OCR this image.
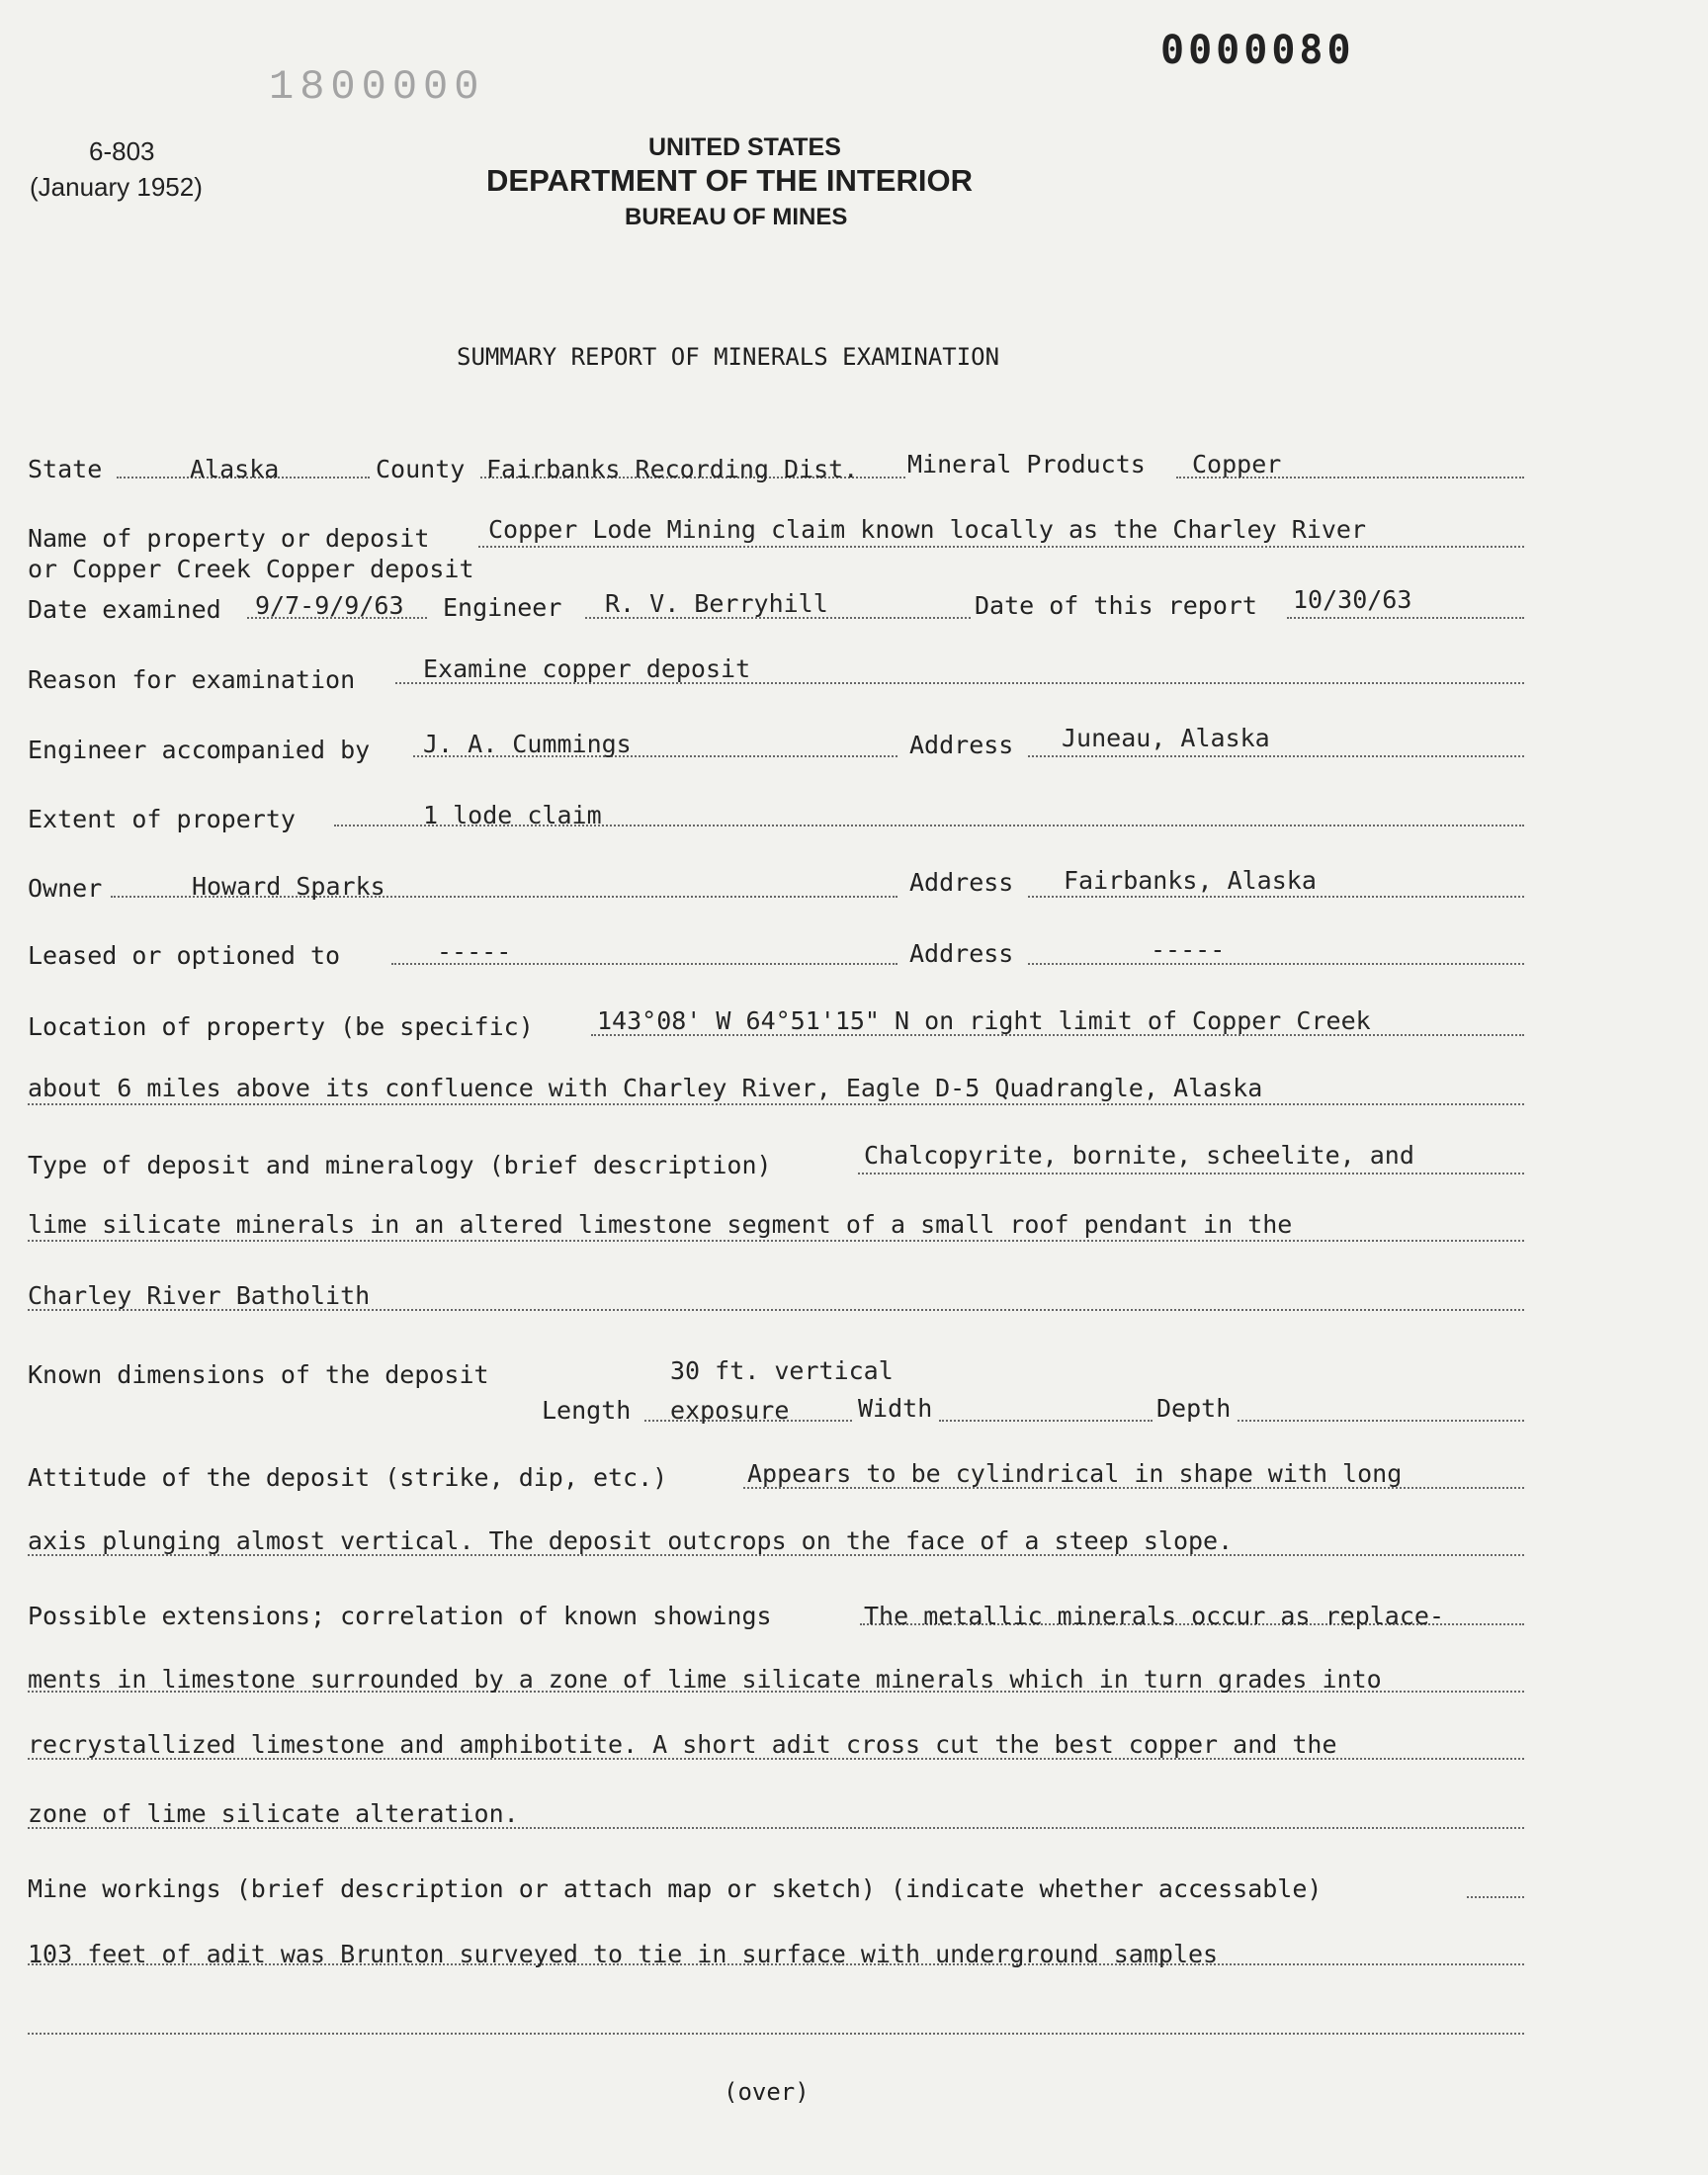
0000080
1800000
6-803
(January 1952)
UNITED STATES
DEPARTMENT OF THE INTERIOR
BUREAU OF MINES
SUMMARY REPORT OF MINERALS EXAMINATION
State	Alaska	County Fairbanks Recording Dist. Mineral Products Copper
Name of property or deposit Copper Lode Mining claim known locally as the Charley River
or Copper Creek Copper deposit
Date examined 9/7-9/9/63 Engineer R. V. Berryhill	Date of this report 10/30/63
Reason for examination	Examine copper deposit
Engineer accompanied by J. A. Cummings	Address Juneau, Alaska
Extent of property	1 lode claim
Owner	Howard Sparks	Address Fairbanks, Alaska
Leased or optioned to	-----	Address	-----
Location of property (be specific)	143°08' W 64°51'15" N on right limit of Copper Creek
about 6 miles above its confluence with Charley River, Eagle D-5 Quadrangle, Alaska
Type of deposit and mineralogy (brief description)	Chalcopyrite, bornite, scheelite, and
lime silicate minerals in an altered limestone segment of a small roof pendant in the
Charley River Batholith
Known dimensions of the deposit	30 ft. vertical
Length exposure	Width	Depth
Attitude of the deposit (strike, dip, etc.)	Appears to be cylindrical in shape with long
axis plunging almost vertical. The deposit outcrops on the face of a steep slope.
Possible extensions; correlation of known showings	The metallic minerals occur as replace-
ments in limestone surrounded by a zone of lime silicate minerals which in turn grades into
recrystallized limestone and amphibotite. A short adit cross cut the best copper and the
zone of lime silicate alteration.
Mine workings (brief description or attach map or sketch) (indicate whether accessable)
103 feet of adit was Brunton surveyed to tie in surface with underground samples
(over)
